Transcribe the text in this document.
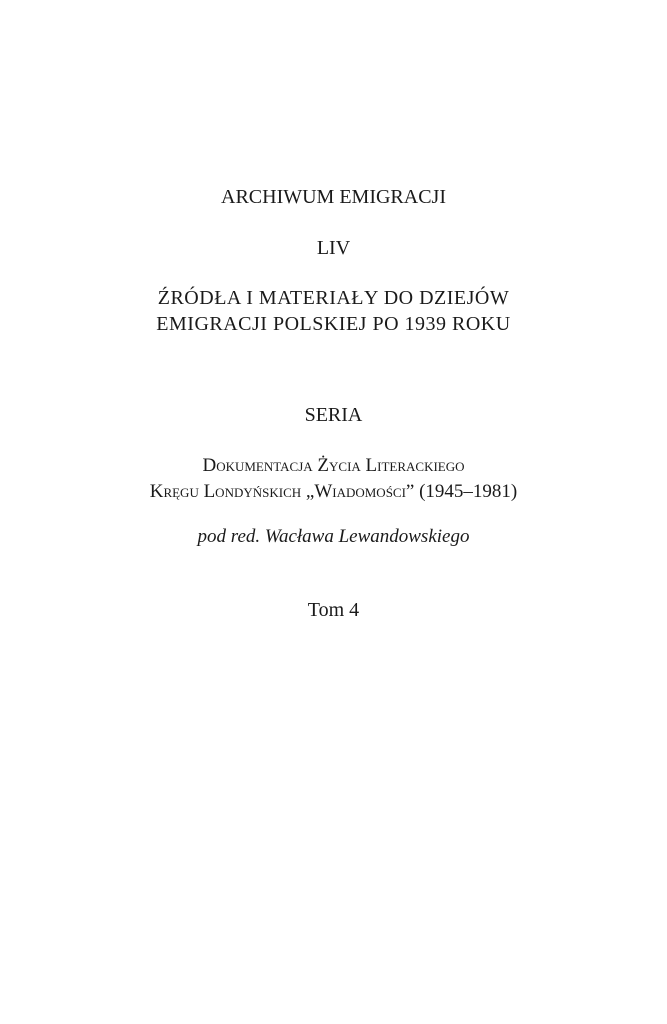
ARCHIWUM EMIGRACJI

LIV

ŹRÓDŁA I MATERIAŁY DO DZIEJÓW
EMIGRACJI POLSKIEJ PO 1939 ROKU

SERIA

Dokumentacja Życia Literackiego
Kręgu Londyńskich „Wiadomości” (1945–1981)

pod red. Wacława Lewandowskiego

Tom 4
